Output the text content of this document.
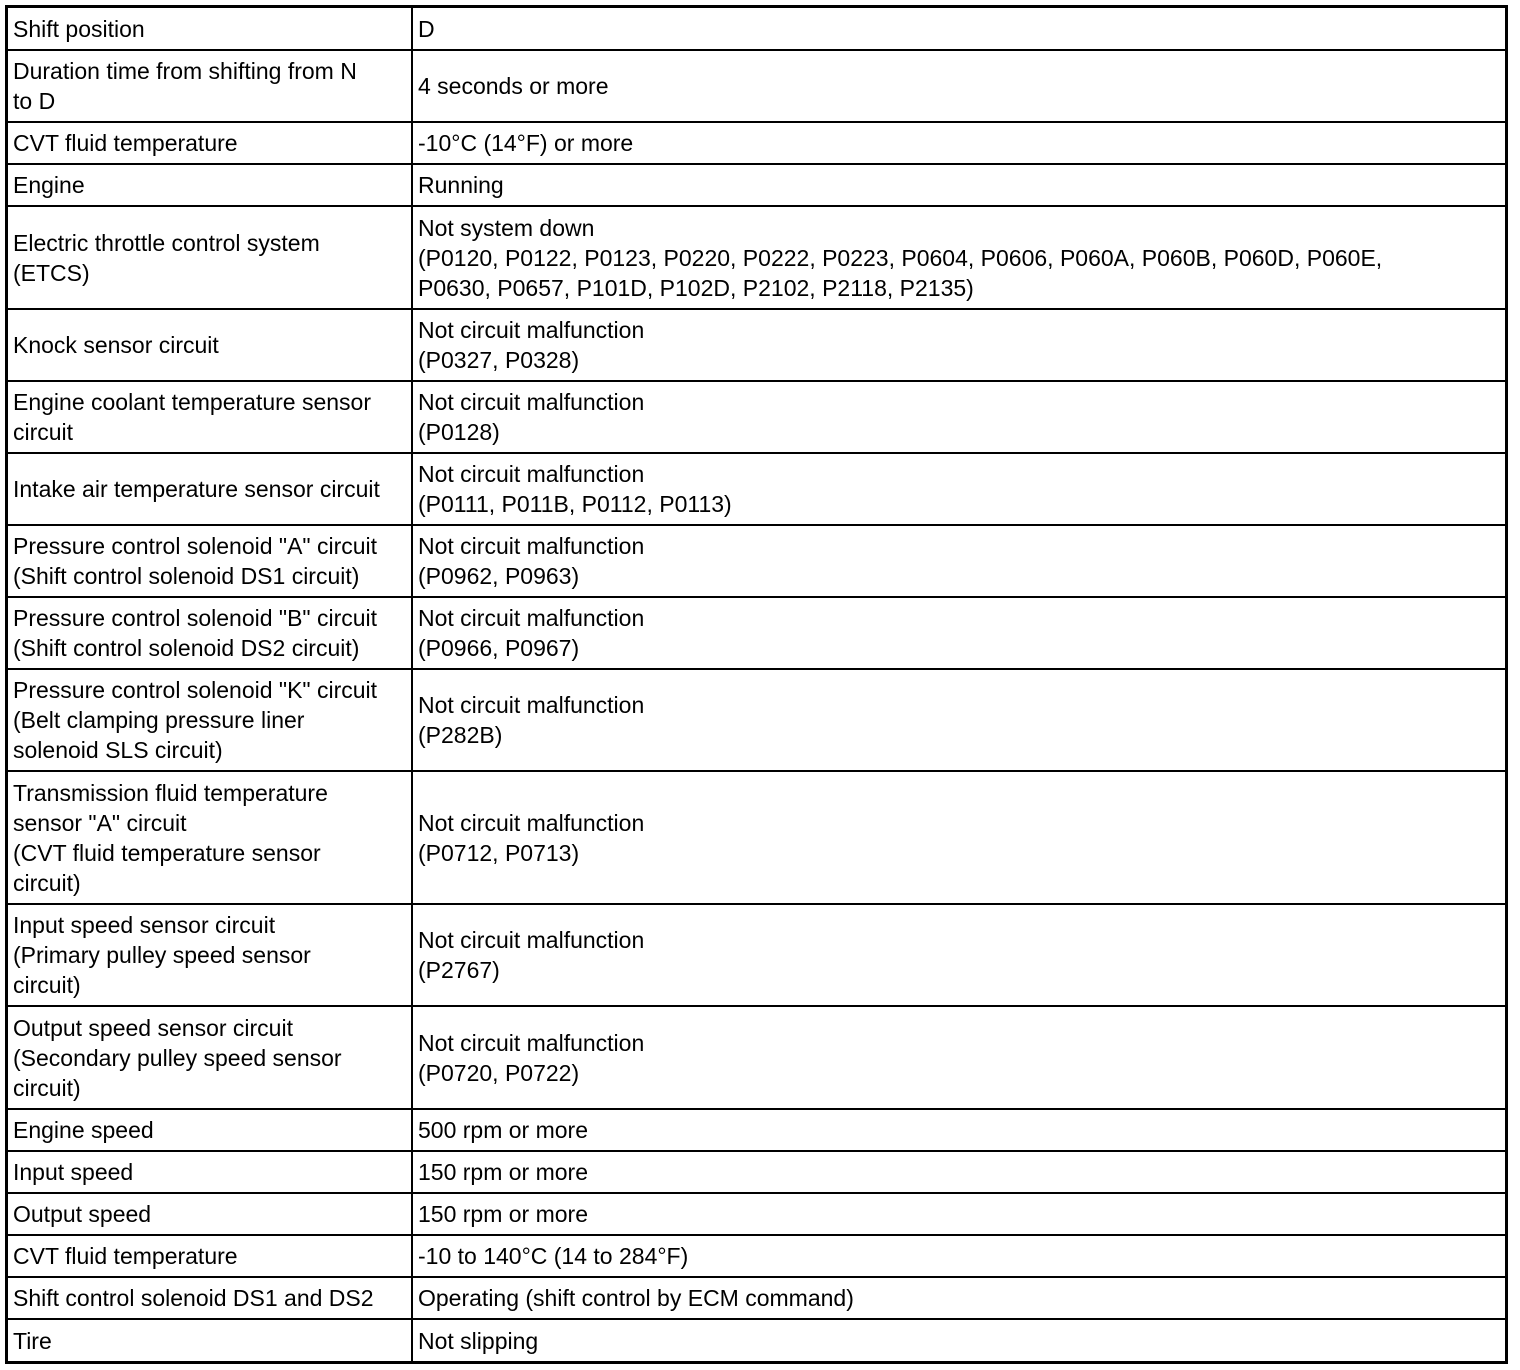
Shift position	D
Duration time from shifting from N
to D	4 seconds or more
CVT fluid temperature	-10°C (14°F) or more
Engine	Running
Electric throttle control system
(ETCS)	Not system down
(P0120, P0122, P0123, P0220, P0222, P0223, P0604, P0606, P060A, P060B, P060D, P060E,
P0630, P0657, P101D, P102D, P2102, P2118, P2135)
Knock sensor circuit	Not circuit malfunction
(P0327, P0328)
Engine coolant temperature sensor
circuit	Not circuit malfunction
(P0128)
Intake air temperature sensor circuit	Not circuit malfunction
(P0111, P011B, P0112, P0113)
Pressure control solenoid "A" circuit
(Shift control solenoid DS1 circuit)	Not circuit malfunction
(P0962, P0963)
Pressure control solenoid "B" circuit
(Shift control solenoid DS2 circuit)	Not circuit malfunction
(P0966, P0967)
Pressure control solenoid "K" circuit
(Belt clamping pressure liner
solenoid SLS circuit)	Not circuit malfunction
(P282B)
Transmission fluid temperature
sensor "A" circuit
(CVT fluid temperature sensor
circuit)	Not circuit malfunction
(P0712, P0713)
Input speed sensor circuit
(Primary pulley speed sensor
circuit)	Not circuit malfunction
(P2767)
Output speed sensor circuit
(Secondary pulley speed sensor
circuit)	Not circuit malfunction
(P0720, P0722)
Engine speed	500 rpm or more
Input speed	150 rpm or more
Output speed	150 rpm or more
CVT fluid temperature	-10 to 140°C (14 to 284°F)
Shift control solenoid DS1 and DS2	Operating (shift control by ECM command)
Tire	Not slipping
